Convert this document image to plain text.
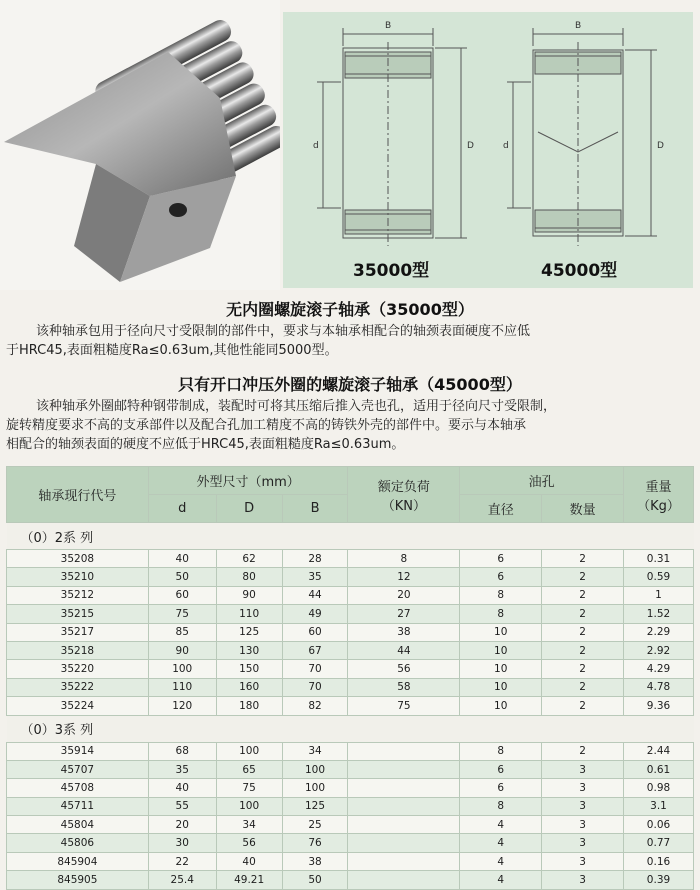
B
d	D
B
d	D
35000型	45000型
无内圈螺旋滚子轴承（35000型）

该种轴承包用于径向尺寸受限制的部件中，要求与本轴承相配合的轴颈表面硬度不应低
于HRC45,表面粗糙度Ra≤0.63um,其他性能同5000型。

只有开口冲压外圈的螺旋滚子轴承（45000型）

该种轴承外圈邮特种钢带制成，装配时可将其压缩后推入壳也孔，适用于径向尺寸受限制，
旋转精度要求不高的支承部件以及配合孔加工精度不高的铸铁外壳的部件中。要示与本轴承
相配合的轴颈表面的硬度不应低于HRC45,表面粗糙度Ra≤0.63um。

轴承现行代号	外型尺寸（mm）			额定负荷
（KN）	油孔		重量
（Kg）
	d	D	B		直径	数量	
（0）2系 列							
35208	40	62	28	8	6	2	0.31
35210	50	80	35	12	6	2	0.59
35212	60	90	44	20	8	2	1
35215	75	110	49	27	8	2	1.52
35217	85	125	60	38	10	2	2.29
35218	90	130	67	44	10	2	2.92
35220	100	150	70	56	10	2	4.29
35222	110	160	70	58	10	2	4.78
35224	120	180	82	75	10	2	9.36
（0）3系 列							
35914	68	100	34		8	2	2.44
45707	35	65	100		6	3	0.61
45708	40	75	100		6	3	0.98
45711	55	100	125		8	3	3.1
45804	20	34	25		4	3	0.06
45806	30	56	76		4	3	0.77
845904	22	40	38		4	3	0.16
845905	25.4	49.21	50		4	3	0.39
